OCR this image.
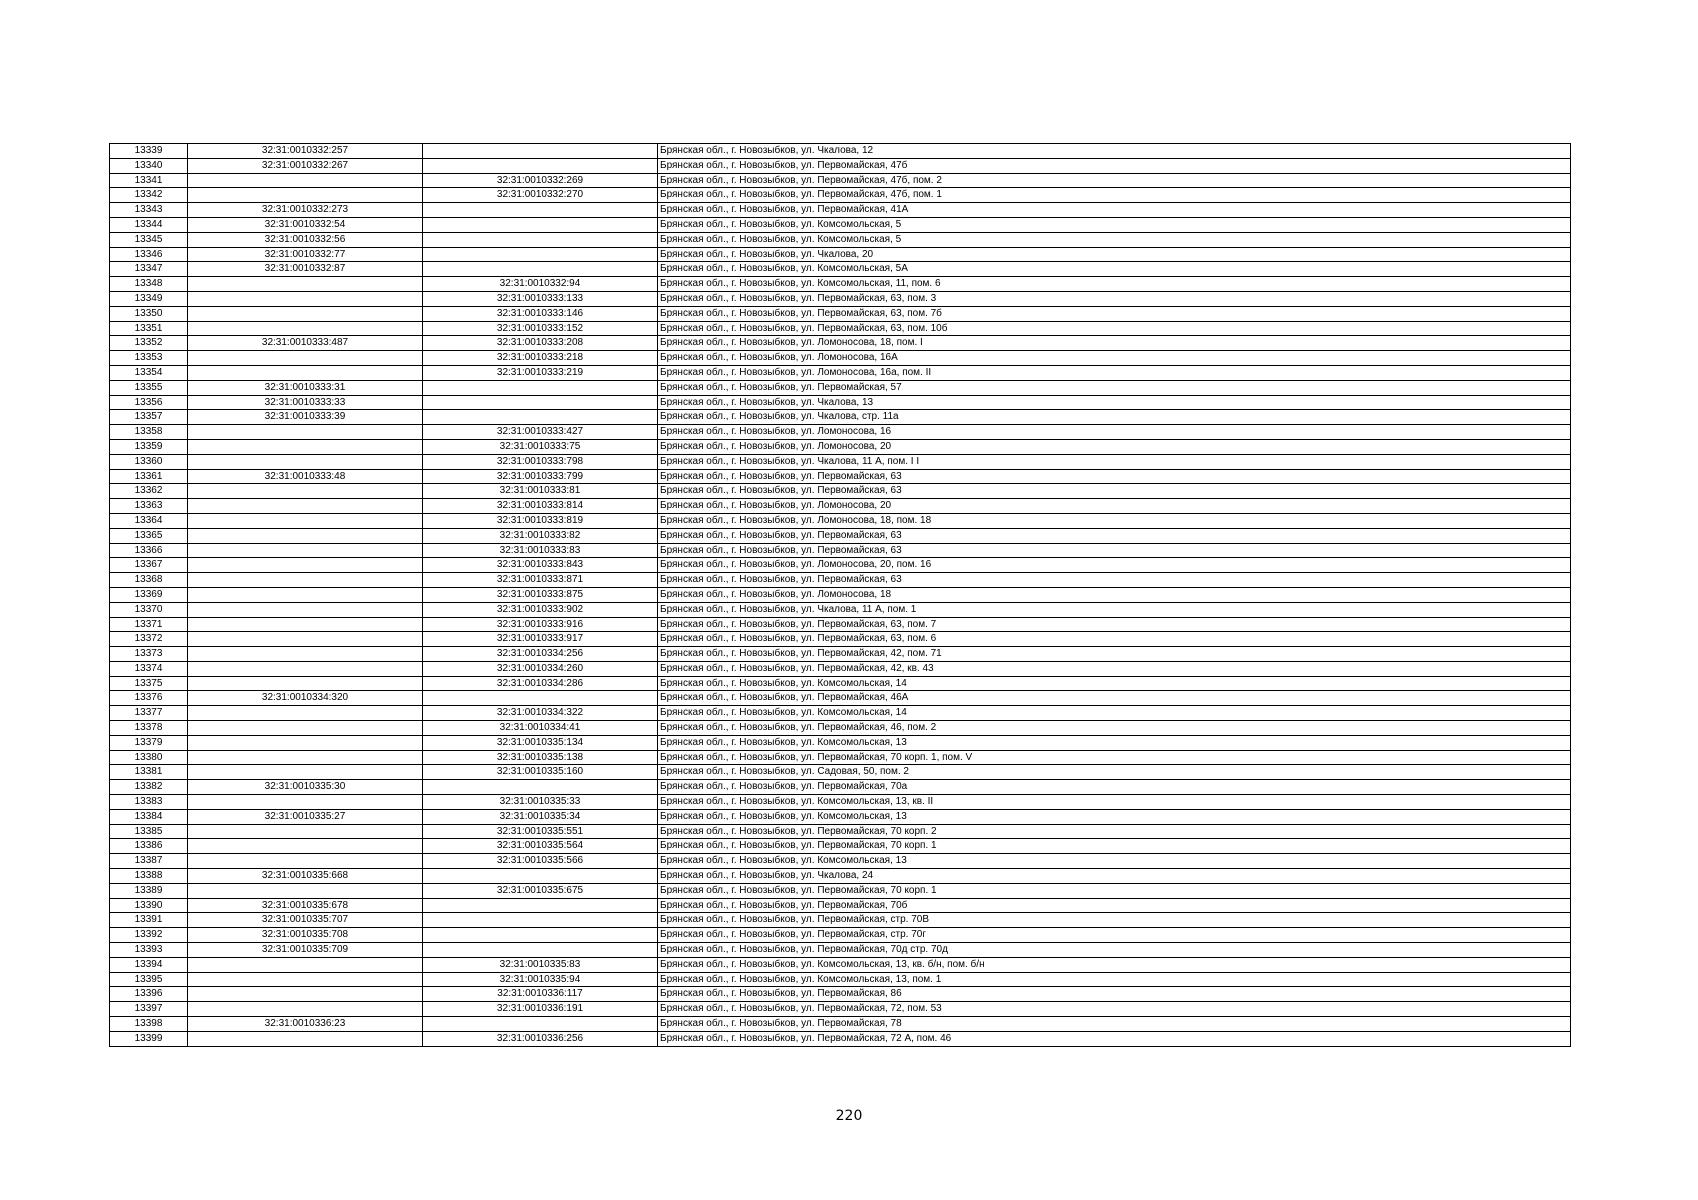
13339	32:31:0010332:257		Брянская обл., г. Новозыбков, ул. Чкалова, 12
13340	32:31:0010332:267		Брянская обл., г. Новозыбков, ул. Первомайская, 47б
13341		32:31:0010332:269	Брянская обл., г. Новозыбков, ул. Первомайская, 47б, пом. 2
13342		32:31:0010332:270	Брянская обл., г. Новозыбков, ул. Первомайская, 47б, пом. 1
13343	32:31:0010332:273		Брянская обл., г. Новозыбков, ул. Первомайская, 41А
13344	32:31:0010332:54		Брянская обл., г. Новозыбков, ул. Комсомольская, 5
13345	32:31:0010332:56		Брянская обл., г. Новозыбков, ул. Комсомольская, 5
13346	32:31:0010332:77		Брянская обл., г. Новозыбков, ул. Чкалова, 20
13347	32:31:0010332:87		Брянская обл., г. Новозыбков, ул. Комсомольская, 5А
13348		32:31:0010332:94	Брянская обл., г. Новозыбков, ул. Комсомольская, 11, пом. 6
13349		32:31:0010333:133	Брянская обл., г. Новозыбков, ул. Первомайская, 63, пом. 3
13350		32:31:0010333:146	Брянская обл., г. Новозыбков, ул. Первомайская, 63, пом. 7б
13351		32:31:0010333:152	Брянская обл., г. Новозыбков, ул. Первомайская, 63, пом. 10б
13352	32:31:0010333:487	32:31:0010333:208	Брянская обл., г. Новозыбков, ул. Ломоносова, 18, пом. I
13353		32:31:0010333:218	Брянская обл., г. Новозыбков, ул. Ломоносова, 16А
13354		32:31:0010333:219	Брянская обл., г. Новозыбков, ул. Ломоносова, 16а, пом. II
13355	32:31:0010333:31		Брянская обл., г. Новозыбков, ул. Первомайская, 57
13356	32:31:0010333:33		Брянская обл., г. Новозыбков, ул. Чкалова, 13
13357	32:31:0010333:39		Брянская обл., г. Новозыбков, ул. Чкалова, стр. 11а
13358		32:31:0010333:427	Брянская обл., г. Новозыбков, ул. Ломоносова, 16
13359		32:31:0010333:75	Брянская обл., г. Новозыбков, ул. Ломоносова, 20
13360		32:31:0010333:798	Брянская обл., г. Новозыбков, ул. Чкалова, 11 А, пом. I I
13361	32:31:0010333:48	32:31:0010333:799	Брянская обл., г. Новозыбков, ул. Первомайская, 63
13362		32:31:0010333:81	Брянская обл., г. Новозыбков, ул. Первомайская, 63
13363		32:31:0010333:814	Брянская обл., г. Новозыбков, ул. Ломоносова, 20
13364		32:31:0010333:819	Брянская обл., г. Новозыбков, ул. Ломоносова, 18, пом. 18
13365		32:31:0010333:82	Брянская обл., г. Новозыбков, ул. Первомайская, 63
13366		32:31:0010333:83	Брянская обл., г. Новозыбков, ул. Первомайская, 63
13367		32:31:0010333:843	Брянская обл., г. Новозыбков, ул. Ломоносова, 20, пом. 16
13368		32:31:0010333:871	Брянская обл., г. Новозыбков, ул. Первомайская, 63
13369		32:31:0010333:875	Брянская обл., г. Новозыбков, ул. Ломоносова, 18
13370		32:31:0010333:902	Брянская обл., г. Новозыбков, ул. Чкалова, 11 А, пом. 1
13371		32:31:0010333:916	Брянская обл., г. Новозыбков, ул. Первомайская, 63, пом. 7
13372		32:31:0010333:917	Брянская обл., г. Новозыбков, ул. Первомайская, 63, пом. 6
13373		32:31:0010334:256	Брянская обл., г. Новозыбков, ул. Первомайская, 42, пом. 71
13374		32:31:0010334:260	Брянская обл., г. Новозыбков, ул. Первомайская, 42, кв. 43
13375		32:31:0010334:286	Брянская обл., г. Новозыбков, ул. Комсомольская, 14
13376	32:31:0010334:320		Брянская обл., г. Новозыбков, ул. Первомайская, 46А
13377		32:31:0010334:322	Брянская обл., г. Новозыбков, ул. Комсомольская, 14
13378		32:31:0010334:41	Брянская обл., г. Новозыбков, ул. Первомайская, 46, пом. 2
13379		32:31:0010335:134	Брянская обл., г. Новозыбков, ул. Комсомольская, 13
13380		32:31:0010335:138	Брянская обл., г. Новозыбков, ул. Первомайская, 70 корп. 1, пом. V
13381		32:31:0010335:160	Брянская обл., г. Новозыбков, ул. Садовая, 50, пом. 2
13382	32:31:0010335:30		Брянская обл., г. Новозыбков, ул. Первомайская, 70а
13383		32:31:0010335:33	Брянская обл., г. Новозыбков, ул. Комсомольская, 13, кв. II
13384	32:31:0010335:27	32:31:0010335:34	Брянская обл., г. Новозыбков, ул. Комсомольская, 13
13385		32:31:0010335:551	Брянская обл., г. Новозыбков, ул. Первомайская, 70 корп. 2
13386		32:31:0010335:564	Брянская обл., г. Новозыбков, ул. Первомайская, 70 корп. 1
13387		32:31:0010335:566	Брянская обл., г. Новозыбков, ул. Комсомольская, 13
13388	32:31:0010335:668		Брянская обл., г. Новозыбков, ул. Чкалова, 24
13389		32:31:0010335:675	Брянская обл., г. Новозыбков, ул. Первомайская, 70 корп. 1
13390	32:31:0010335:678		Брянская обл., г. Новозыбков, ул. Первомайская, 70б
13391	32:31:0010335:707		Брянская обл., г. Новозыбков, ул. Первомайская, стр. 70В
13392	32:31:0010335:708		Брянская обл., г. Новозыбков, ул. Первомайская, стр. 70г
13393	32:31:0010335:709		Брянская обл., г. Новозыбков, ул. Первомайская, 70д стр. 70д
13394		32:31:0010335:83	Брянская обл., г. Новозыбков, ул. Комсомольская, 13, кв. б/н, пом. б/н
13395		32:31:0010335:94	Брянская обл., г. Новозыбков, ул. Комсомольская, 13, пом. 1
13396		32:31:0010336:117	Брянская обл., г. Новозыбков, ул. Первомайская, 86
13397		32:31:0010336:191	Брянская обл., г. Новозыбков, ул. Первомайская, 72, пом. 53
13398	32:31:0010336:23		Брянская обл., г. Новозыбков, ул. Первомайская, 78
13399		32:31:0010336:256	Брянская обл., г. Новозыбков, ул. Первомайская, 72 А, пом. 46
220
